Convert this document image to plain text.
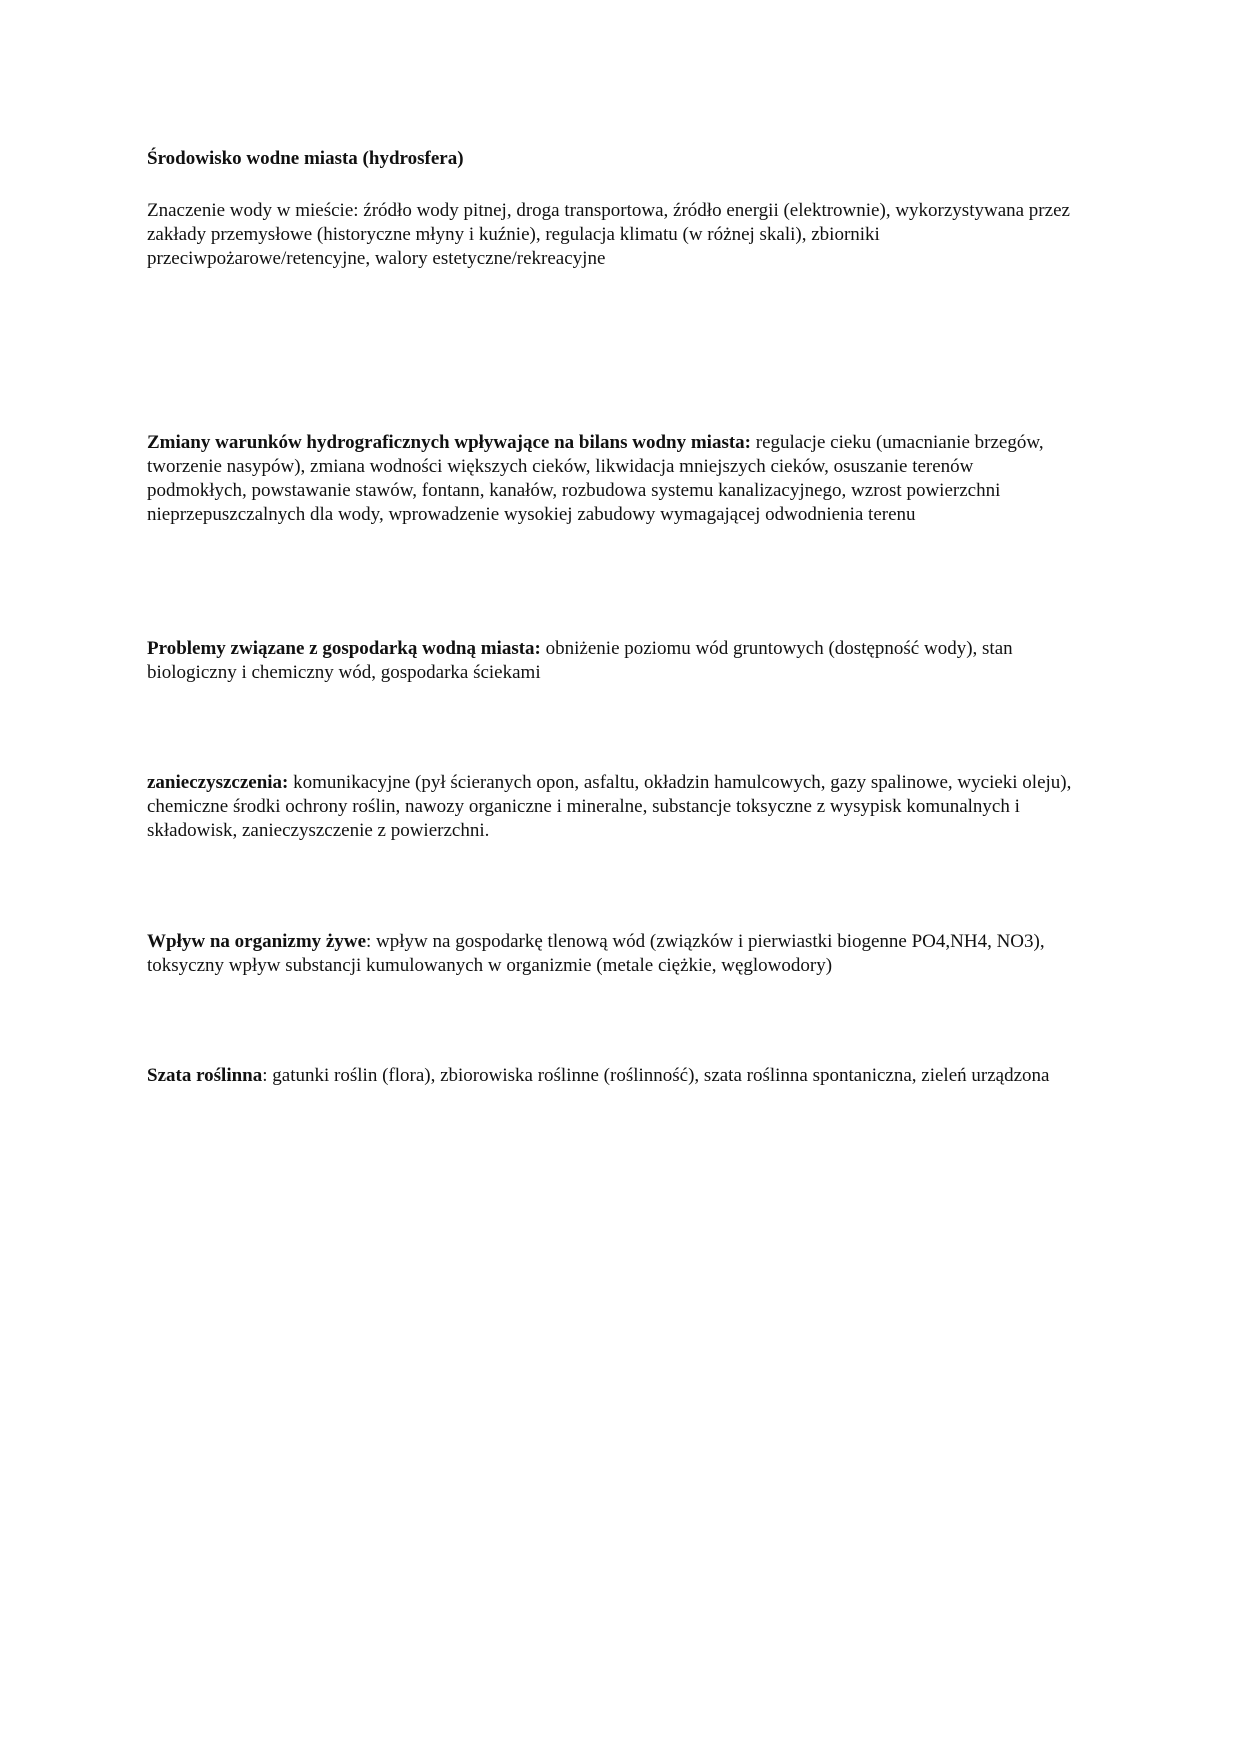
Środowisko wodne miasta (hydrosfera)

Znaczenie wody w mieście: źródło wody pitnej, droga transportowa, źródło energii (elektrownie), wykorzystywana przez zakłady przemysłowe (historyczne młyny i kuźnie), regulacja klimatu (w różnej skali), zbiorniki przeciwpożarowe/retencyjne, walory estetyczne/rekreacyjne

Zmiany warunków hydrograficznych wpływające na bilans wodny miasta: regulacje cieku (umacnianie brzegów, tworzenie nasypów), zmiana wodności większych cieków, likwidacja mniejszych cieków, osuszanie terenów podmokłych, powstawanie stawów, fontann, kanałów, rozbudowa systemu kanalizacyjnego, wzrost powierzchni nieprzepuszczalnych dla wody, wprowadzenie wysokiej zabudowy wymagającej odwodnienia terenu

Problemy związane z gospodarką wodną miasta: obniżenie poziomu wód gruntowych (dostępność wody), stan biologiczny i chemiczny wód, gospodarka ściekami

zanieczyszczenia: komunikacyjne (pył ścieranych opon, asfaltu, okładzin hamulcowych, gazy spalinowe, wycieki oleju), chemiczne środki ochrony roślin, nawozy organiczne i mineralne, substancje toksyczne z wysypisk komunalnych i składowisk, zanieczyszczenie z powierzchni.

Wpływ na organizmy żywe: wpływ na gospodarkę tlenową wód (związków i pierwiastki biogenne PO4,NH4, NO3), toksyczny wpływ substancji kumulowanych w organizmie (metale ciężkie, węglowodory)

Szata roślinna: gatunki roślin (flora), zbiorowiska roślinne (roślinność), szata roślinna spontaniczna, zieleń urządzona
